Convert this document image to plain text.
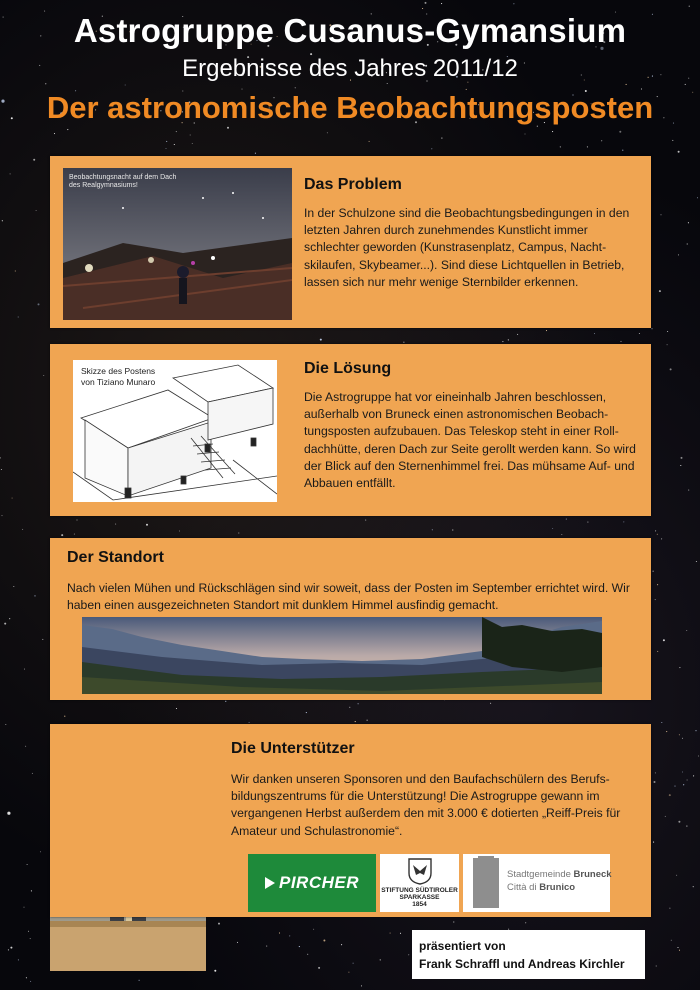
Astrogruppe Cusanus-Gymansium
Ergebnisse des Jahres 2011/12
Der astronomische Beobachtungsposten
Beobachtungsnacht auf dem Dach des Realgymnasiums!	Das Problem

In der Schulzone sind die Beobachtungsbedingungen in den letzten Jahren durch zunehmendes Kunstlicht immer schlechter geworden (Kunstrasenplatz, Campus, Nacht-skilaufen, Skybeamer...). Sind diese Lichtquellen in Betrieb, lassen sich nur mehr wenige Sternbilder erkennen.

Skizze des Postens
von Tiziano Munaro
Die Lösung

Die Astrogruppe hat vor eineinhalb Jahren beschlossen, außerhalb von Bruneck einen astronomischen Beobach-tungsposten aufzubauen. Das Teleskop steht in einer Roll-dachhütte, deren Dach zur Seite gerollt werden kann. So wird der Blick auf den Sternenhimmel frei. Das mühsame Auf- und Abbauen entfällt.

Der Standort

Nach vielen Mühen und Rückschlägen sind wir soweit, dass der Posten im September errichtet wird. Wir haben einen ausgezeichneten Standort mit dunklem Himmel ausfindig gemacht.

Die Unterstützer

Wir danken unseren Sponsoren und den Baufachschülern des Berufs-bildungszentrums für die Unterstützung! Die Astrogruppe gewann im vergangenen Herbst außerdem den mit 3.000 € dotierten „Reiff-Preis für Amateur und Schulastronomie“.

PIRCHER	STIFTUNG SÜDTIROLER SPARKASSE
1854
Stadtgemeinde Bruneck
Città di Brunico
präsentiert von
Frank Schraffl und Andreas Kirchler
